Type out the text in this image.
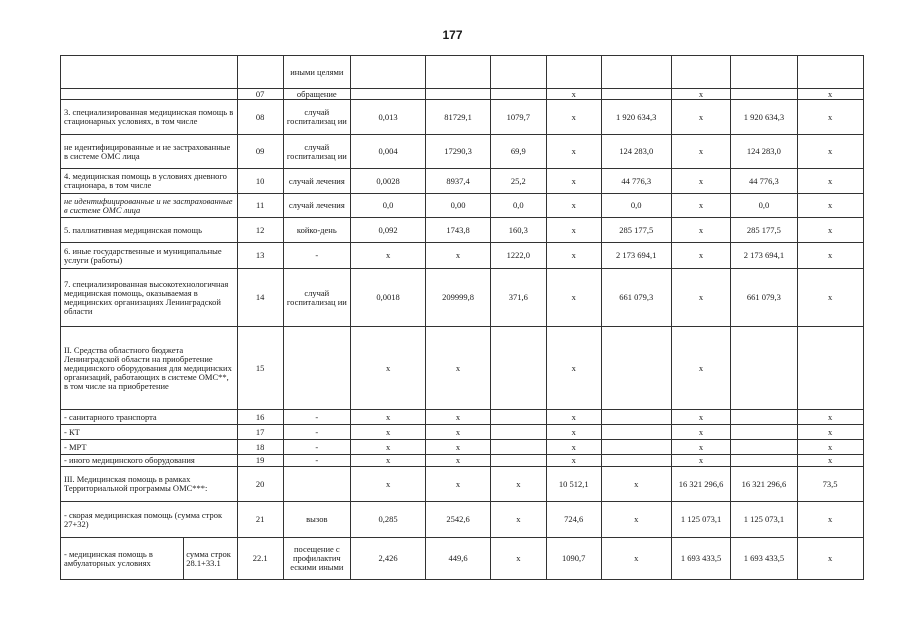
177
			иными целями								
		07	обращение				x		x		x
3. специализированная медицинская помощь в стационарных условиях, в том числе		08	случай госпитализац ии	0,013	81729,1	1079,7	x	1 920 634,3	x	1 920 634,3	x
не идентифицированные и не застрахованные в системе ОМС лица		09	случай госпитализац ии	0,004	17290,3	69,9	x	124 283,0	x	124 283,0	x
4. медицинская помощь в условиях дневного стационара, в том числе		10	случай лечения	0,0028	8937,4	25,2	x	44 776,3	x	44 776,3	x
не идентифицированные и не застрахованные в системе ОМС лица		11	случай лечения	0,0	0,00	0,0	x	0,0	x	0,0	x
5. паллиативная медицинская помощь		12	койко-день	0,092	1743,8	160,3	x	285 177,5	x	285 177,5	x
6. иные государственные и муниципальные услуги (работы)		13	-	x	x	1222,0	x	2 173 694,1	x	2 173 694,1	x
7. специализированная высокотехнологичная медицинская помощь, оказываемая в медицинских организациях Ленинградской области		14	случай госпитализац ии	0,0018	209999,8	371,6	x	661 079,3	x	661 079,3	x
II. Средства областного бюджета Ленинградской области на приобретение медицинского оборудования для медицинских организаций, работающих в системе ОМС**, в том числе на приобретение		15		x	x		x		x		
- санитарного транспорта		16	-	x	x		x		x		x
- КТ		17	-	x	x		x		x		x
- МРТ		18	-	x	x		x		x		x
- иного медицинского оборудования		19	-	x	x		x		x		x
III. Медицинская помощь в рамках Территориальной программы ОМС***:		20		x	x	x	10 512,1	x	16 321 296,6	16 321 296,6	73,5
- скорая медицинская помощь (сумма строк 27+32)		21	вызов	0,285	2542,6	x	724,6	x	1 125 073,1	1 125 073,1	x
- медицинская помощь в амбулаторных условиях	сумма строк 28.1+33.1	22.1	посещение с профилактич ескими иными	2,426	449,6	x	1090,7	x	1 693 433,5	1 693 433,5	x
